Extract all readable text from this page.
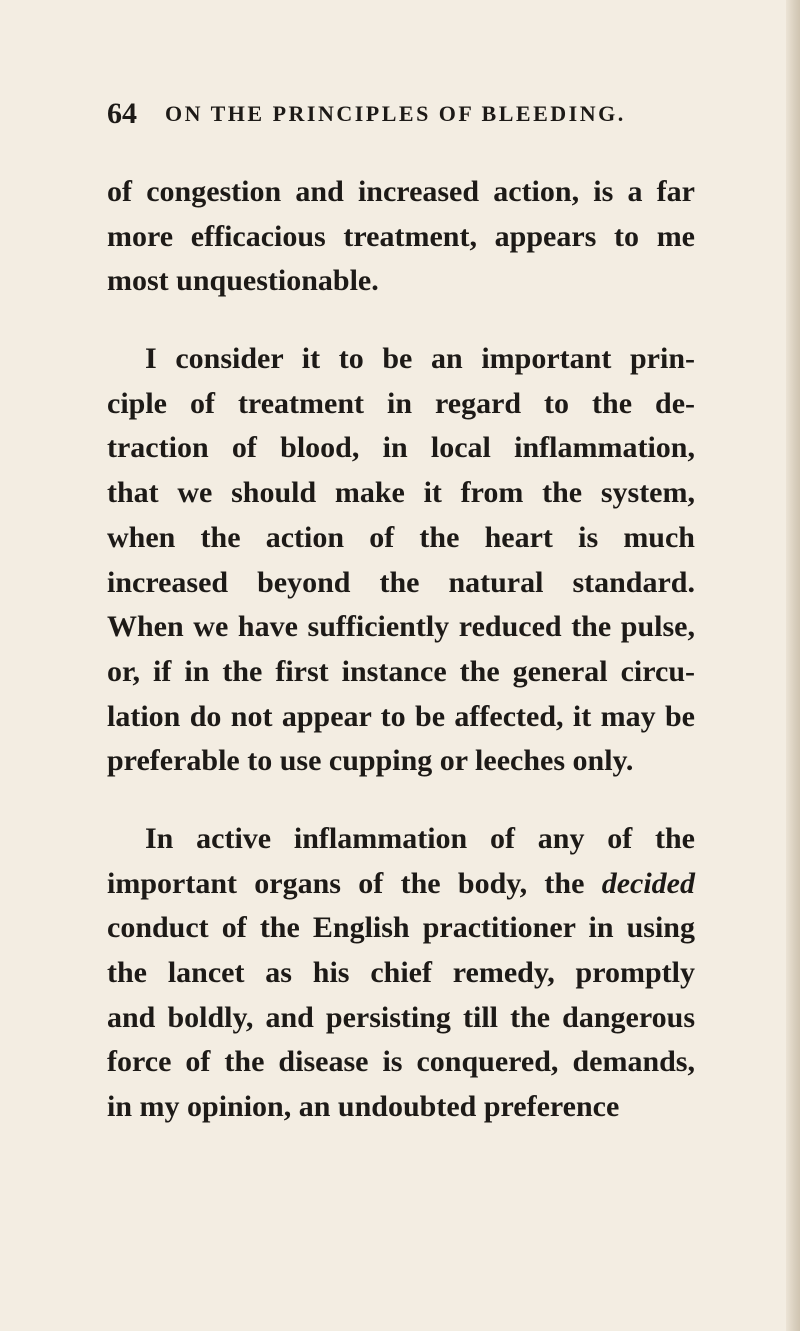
64 ON THE PRINCIPLES OF BLEEDING.
of congestion and increased action, is a far
more efficacious treatment, appears to me
most unquestionable.
I consider it to be an important prin-
ciple of treatment in regard to the de-
traction of blood, in local inflammation,
that we should make it from the system,
when the action of the heart is much
increased beyond the natural standard.
When we have sufficiently reduced the pulse,
or, if in the first instance the general circu-
lation do not appear to be affected, it may be
preferable to use cupping or leeches only.
In active inflammation of any of the
important organs of the body, the decided
conduct of the English practitioner in using
the lancet as his chief remedy, promptly
and boldly, and persisting till the dangerous
force of the disease is conquered, demands,
in my opinion, an undoubted preference
